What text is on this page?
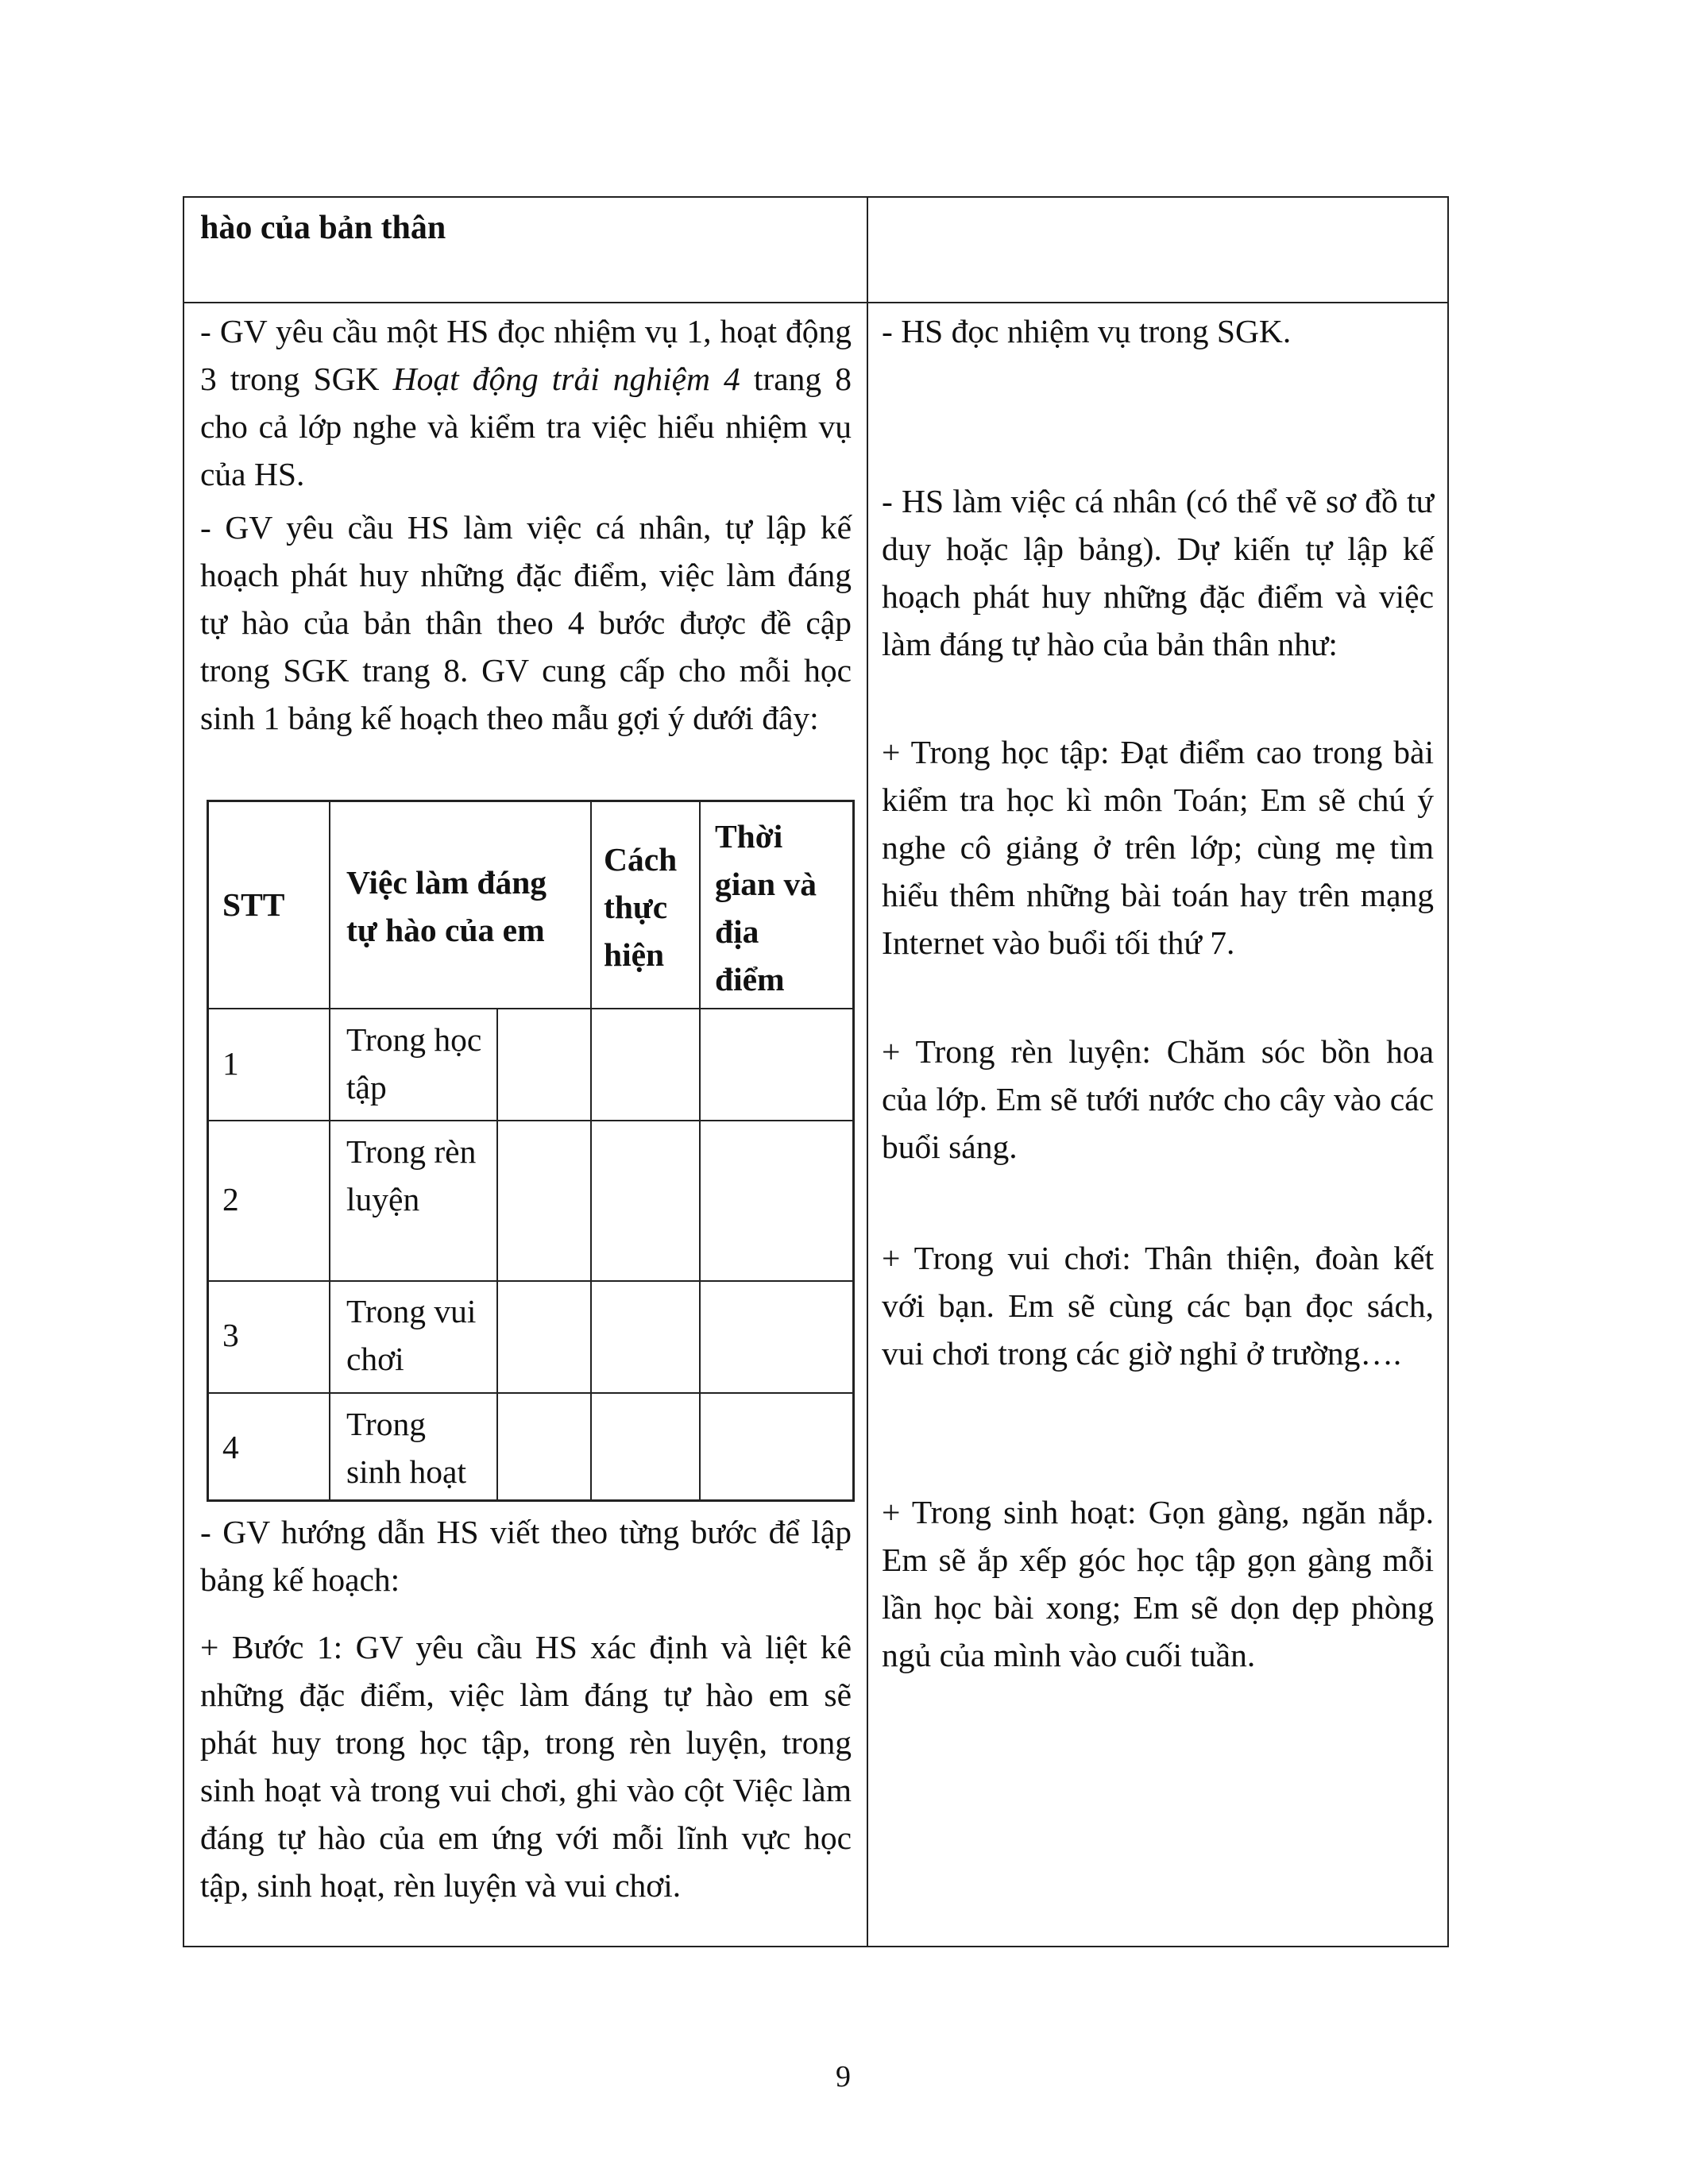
hào của bản thân

- GV yêu cầu một HS đọc nhiệm vụ 1, hoạt động 3 trong SGK Hoạt động trải nghiệm 4 trang 8 cho cả lớp nghe và kiểm tra việc hiểu nhiệm vụ của HS.

- GV yêu cầu HS làm việc cá nhân, tự lập kế hoạch phát huy những đặc điểm, việc làm đáng tự hào của bản thân theo 4 bước được đề cập trong SGK trang 8. GV cung cấp cho mỗi học sinh 1 bảng kế hoạch theo mẫu gợi ý dưới đây:

STT
Việc làm đáng tự hào của em
Cách thực hiện
Thời gian và địa điểm
1
Trong học tập
2
Trong rèn luyện
3
Trong vui chơi
4
Trong sinh hoạt

- GV hướng dẫn HS viết theo từng bước để lập bảng kế hoạch:

+ Bước 1: GV yêu cầu HS xác định và liệt kê những đặc điểm, việc làm đáng tự hào em sẽ phát huy trong học tập, trong rèn luyện, trong sinh hoạt và trong vui chơi, ghi vào cột Việc làm đáng tự hào của em ứng với mỗi lĩnh vực học tập, sinh hoạt, rèn luyện và vui chơi.

- HS đọc nhiệm vụ trong SGK.

- HS làm việc cá nhân (có thể vẽ sơ đồ tư duy hoặc lập bảng). Dự kiến tự lập kế hoạch phát huy những đặc điểm và việc làm đáng tự hào của bản thân như:

+ Trong học tập: Đạt điểm cao trong bài kiểm tra học kì môn Toán; Em sẽ chú ý nghe cô giảng ở trên lớp; cùng mẹ tìm hiểu thêm những bài toán hay trên mạng Internet vào buổi tối thứ 7.

+ Trong rèn luyện: Chăm sóc bồn hoa của lớp. Em sẽ tưới nước cho cây vào các buổi sáng.

+ Trong vui chơi: Thân thiện, đoàn kết với bạn. Em sẽ cùng các bạn đọc sách, vui chơi trong các giờ nghỉ ở trường….

+ Trong sinh hoạt: Gọn gàng, ngăn nắp. Em sẽ ắp xếp góc học tập gọn gàng mỗi lần học bài xong; Em sẽ dọn dẹp phòng ngủ của mình vào cuối tuần.

9
